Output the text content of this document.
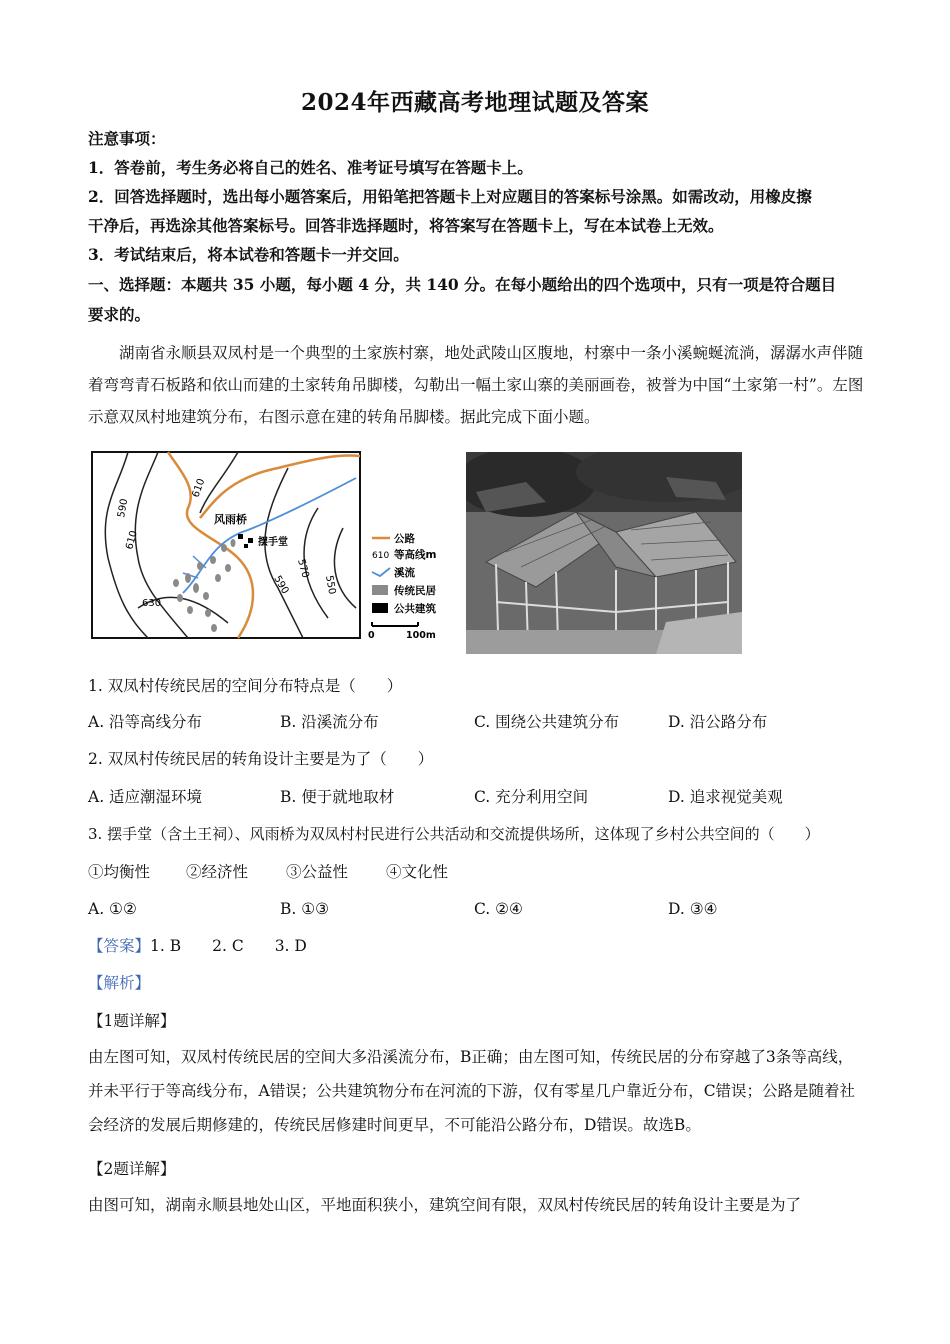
2024年西藏高考地理试题及答案
注意事项：
1．答卷前，考生务必将自己的姓名、准考证号填写在答题卡上。
2．回答选择题时，选出每小题答案后，用铅笔把答题卡上对应题目的答案标号涂黑。如需改动，用橡皮擦
干净后，再选涂其他答案标号。回答非选择题时，将答案写在答题卡上，写在本试卷上无效。
3．考试结束后，将本试卷和答题卡一并交回。
一、选择题：本题共 35 小题，每小题 4 分，共 140 分。在每小题给出的四个选项中，只有一项是符合题目
要求的。
湖南省永顺县双凤村是一个典型的土家族村寨，地处武陵山区腹地，村寨中一条小溪蜿蜒流淌，潺潺水声伴随着弯弯青石板路和依山而建的土家转角吊脚楼，勾勒出一幅土家山寨的美丽画卷，被誉为中国“土家第一村”。左图示意双凤村地建筑分布，右图示意在建的转角吊脚楼。据此完成下面小题。
风雨桥
摆手堂
610
590
610
590
570
550
630
公路
610 等高线m
溪流
传统民居
公共建筑
0	100m
1. 双凤村传统民居的空间分布特点是（　　）
A. 沿等高线分布	B. 沿溪流分布	C. 围绕公共建筑分布	D. 沿公路分布
2. 双凤村传统民居的转角设计主要是为了（　　）
A. 适应潮湿环境	B. 便于就地取材	C. 充分利用空间	D. 追求视觉美观
3. 摆手堂（含土王祠）、风雨桥为双凤村村民进行公共活动和交流提供场所，这体现了乡村公共空间的（　　）
①均衡性 ②经济性 ③公益性 ④文化性
A. ①②	B. ①③	C. ②④	D. ③④
【答案】1. B　　2. C　　3. D
【解析】
【1题详解】
由左图可知，双凤村传统民居的空间大多沿溪流分布，B正确；由左图可知，传统民居的分布穿越了3条等高线，并未平行于等高线分布，A错误；公共建筑物分布在河流的下游，仅有零星几户靠近分布，C错误；公路是随着社会经济的发展后期修建的，传统民居修建时间更早，不可能沿公路分布，D错误。故选B。
【2题详解】
由图可知，湖南永顺县地处山区，平地面积狭小，建筑空间有限，双凤村传统民居的转角设计主要是为了
